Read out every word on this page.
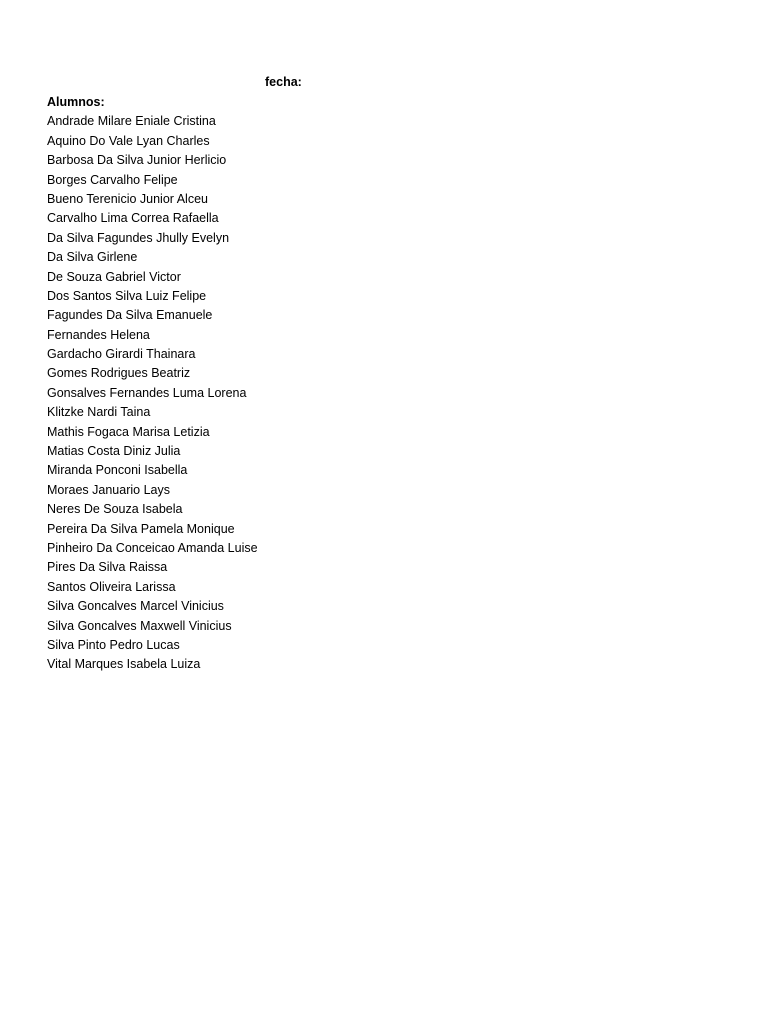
fecha:
Alumnos:
Andrade Milare Eniale Cristina
Aquino Do Vale Lyan Charles
Barbosa Da Silva Junior Herlicio
Borges Carvalho Felipe
Bueno Terenicio Junior Alceu
Carvalho Lima Correa Rafaella
Da Silva Fagundes Jhully Evelyn
Da Silva Girlene
De Souza Gabriel Victor
Dos Santos Silva Luiz Felipe
Fagundes Da Silva Emanuele
Fernandes Helena
Gardacho Girardi Thainara
Gomes Rodrigues Beatriz
Gonsalves Fernandes Luma Lorena
Klitzke Nardi Taina
Mathis Fogaca Marisa Letizia
Matias Costa Diniz Julia
Miranda Ponconi Isabella
Moraes Januario Lays
Neres De Souza Isabela
Pereira Da Silva Pamela Monique
Pinheiro Da Conceicao Amanda Luise
Pires Da Silva Raissa
Santos Oliveira Larissa
Silva Goncalves Marcel Vinicius
Silva Goncalves Maxwell Vinicius
Silva Pinto Pedro Lucas
Vital Marques Isabela Luiza
